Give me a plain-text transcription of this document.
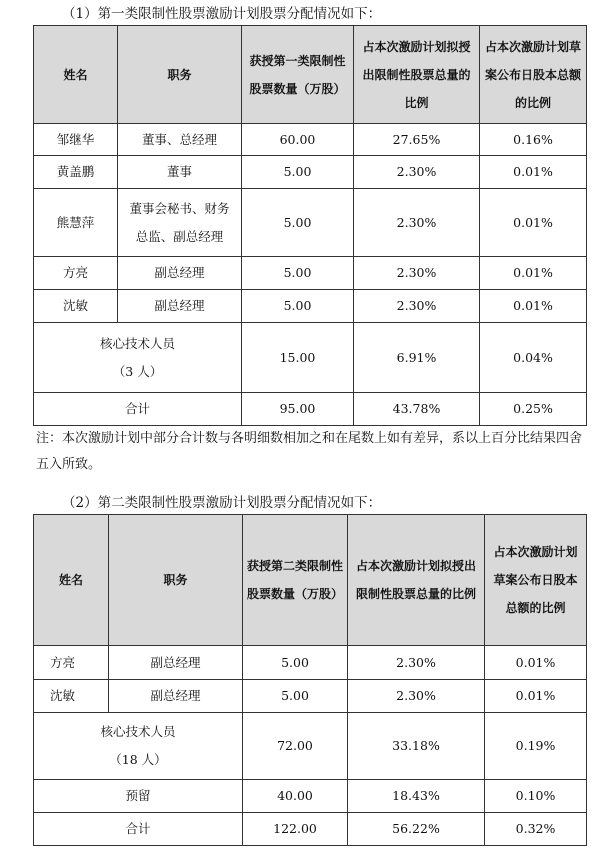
（1）第一类限制性股票激励计划股票分配情况如下：
姓名	职务	获授第一类限制性股票数量（万股）	占本次激励计划拟授出限制性股票总量的比例	占本次激励计划草案公布日股本总额的比例
邹继华	董事、总经理	60.00	27.65%	0.16%
黄盖鹏	董事	5.00	2.30%	0.01%
熊慧萍	董事会秘书、财务总监、副总经理	5.00	2.30%	0.01%
方亮	副总经理	5.00	2.30%	0.01%
沈敏	副总经理	5.00	2.30%	0.01%
核心技术人员（3 人）		15.00	6.91%	0.04%
合计		95.00	43.78%	0.25%
注：本次激励计划中部分合计数与各明细数相加之和在尾数上如有差异，系以上百分比结果四舍五入所致。
（2）第二类限制性股票激励计划股票分配情况如下：
姓名	职务	获授第二类限制性股票数量（万股）	占本次激励计划拟授出限制性股票总量的比例	占本次激励计划草案公布日股本总额的比例
方亮	副总经理	5.00	2.30%	0.01%
沈敏	副总经理	5.00	2.30%	0.01%
核心技术人员（18 人）		72.00	33.18%	0.19%
预留		40.00	18.43%	0.10%
合计		122.00	56.22%	0.32%
